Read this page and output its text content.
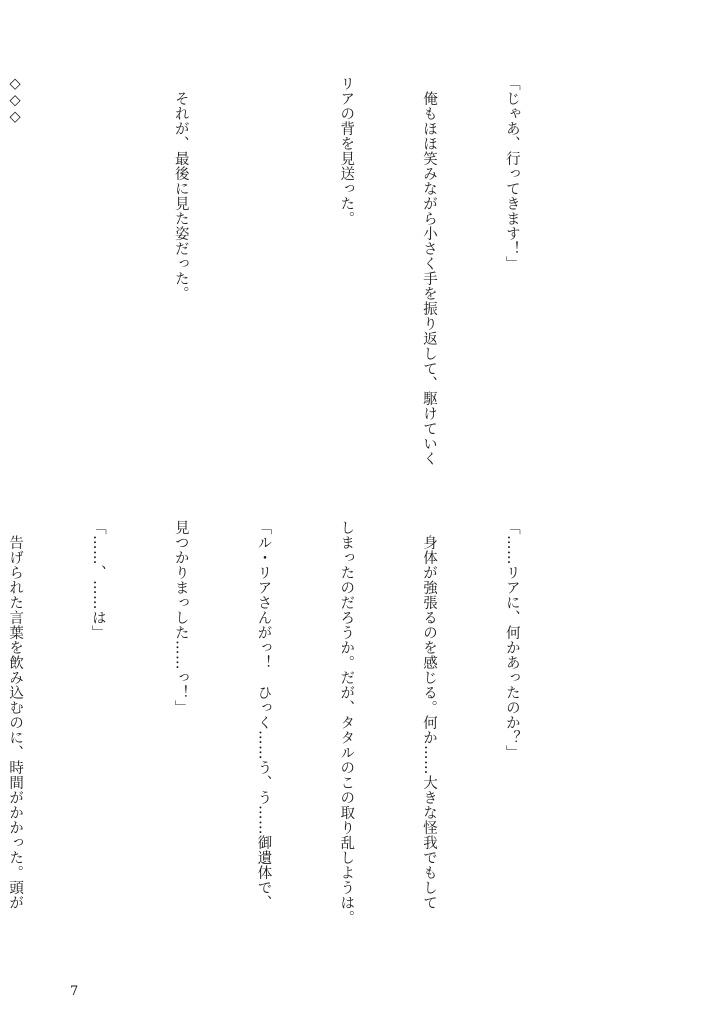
「じゃあ、行ってきます！」

　俺もほほ笑みながら小さく手を振り返して、駆けていく

リアの背を見送った。

　それが、最後に見た姿だった。

◇◇◇

「……リアに、何かあったのか？」

　身体が強張るのを感じる。何か……大きな怪我でもして

しまったのだろうか。だが、タタルのこの取り乱しようは。

「ル・リアさんがっ！　ひっく……う、う……御遺体で、

見つかりまっした……っ！」

「……、……は」

　告げられた言葉を飲み込むのに、時間がかかった。頭が

7
